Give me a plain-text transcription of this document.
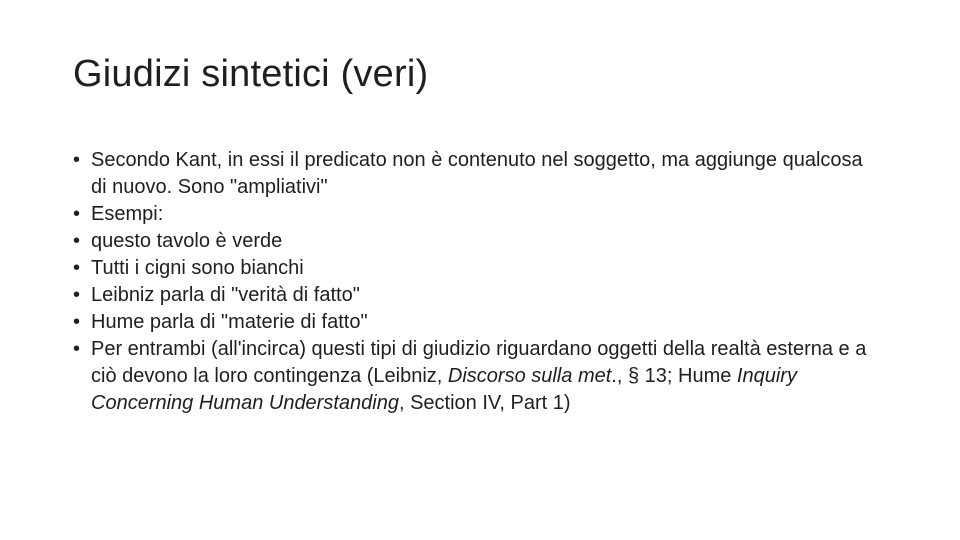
Giudizi sintetici (veri)
• Secondo Kant, in essi il predicato non è contenuto nel soggetto, ma aggiunge qualcosa di nuovo. Sono "ampliativi"
• Esempi:
• questo tavolo è verde
• Tutti i cigni sono bianchi
• Leibniz parla di "verità di fatto"
• Hume parla di "materie di fatto"
• Per entrambi (all'incirca) questi tipi di giudizio riguardano oggetti della realtà esterna e a ciò devono la loro contingenza (Leibniz, Discorso sulla met., § 13; Hume Inquiry Concerning Human Understanding, Section IV, Part 1)
